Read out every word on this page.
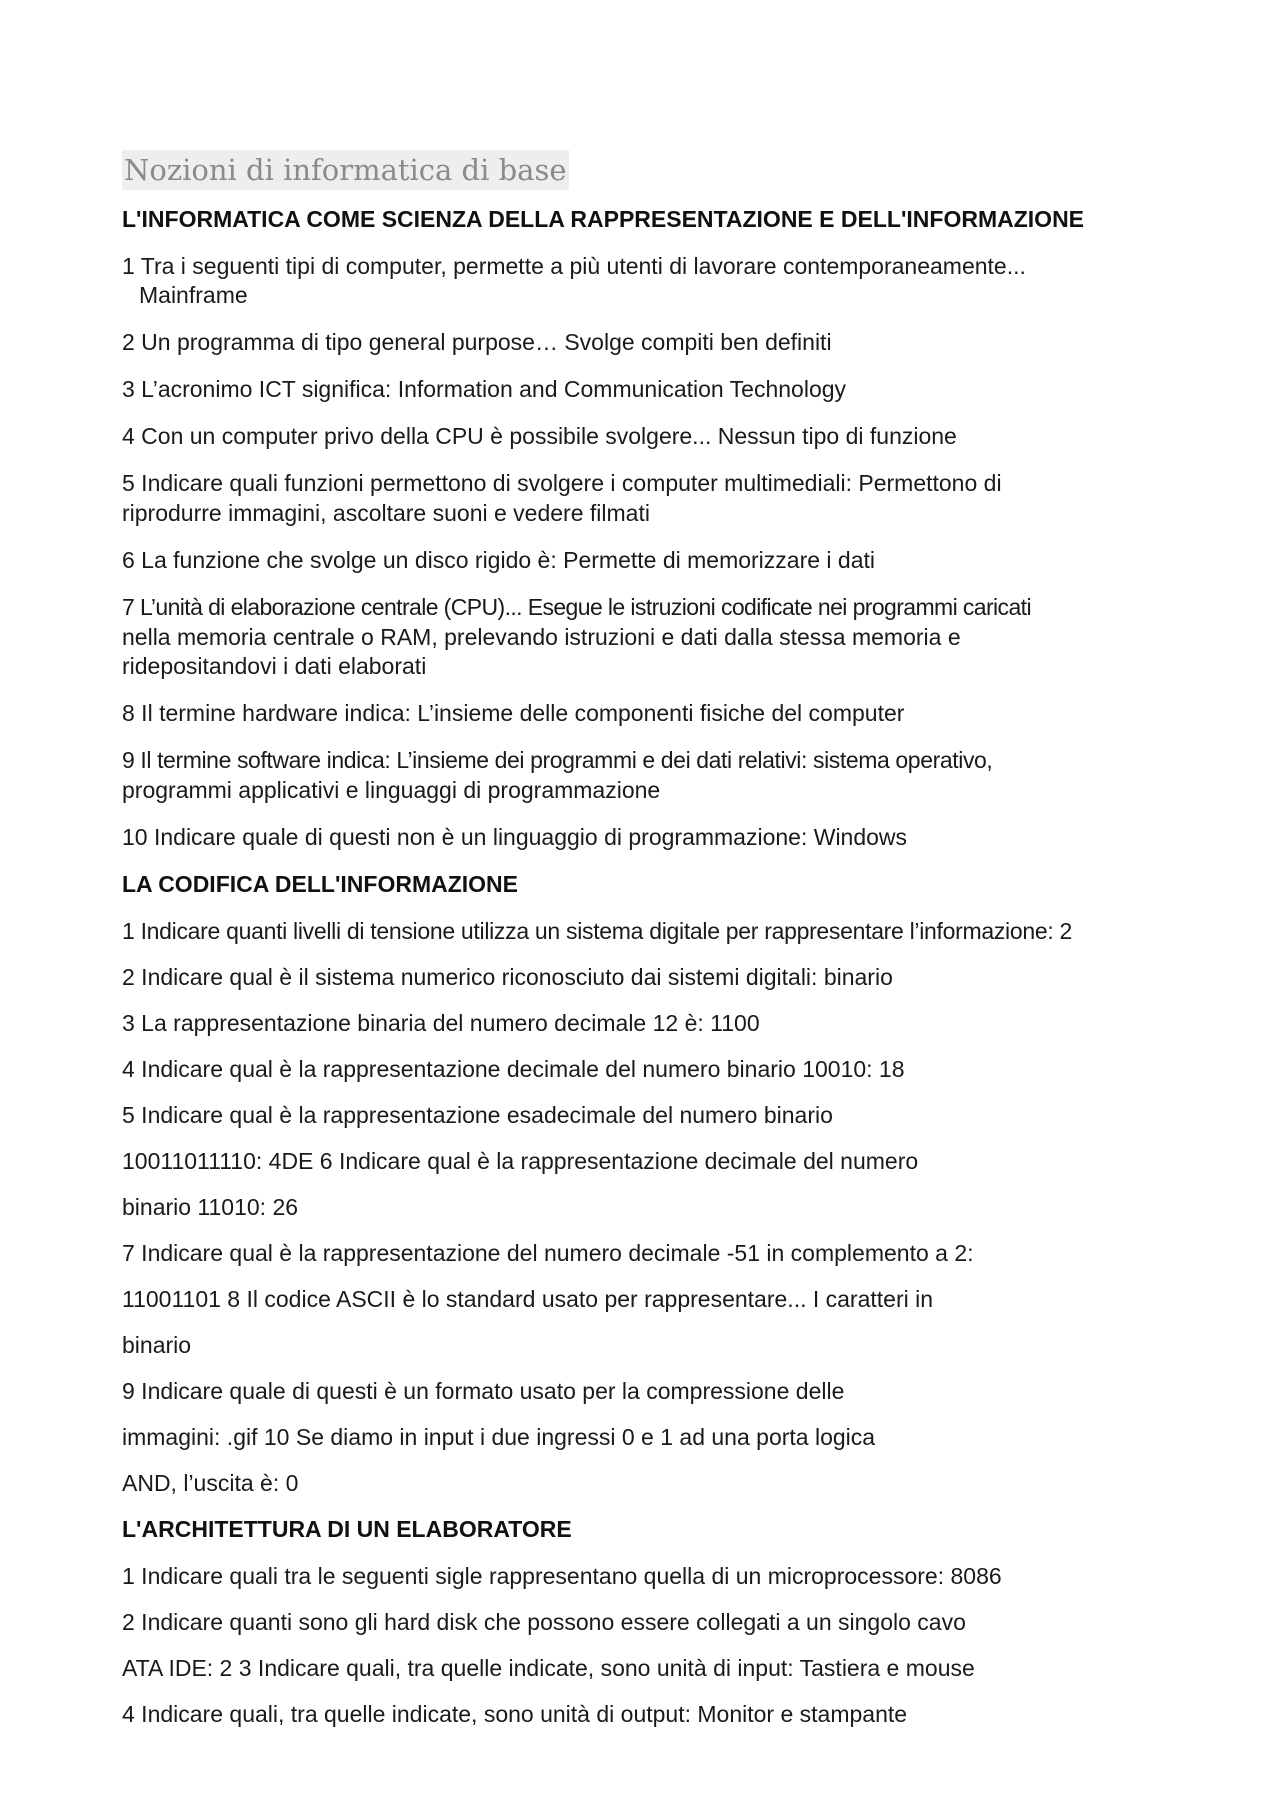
Nozioni di informatica di base

L'INFORMATICA COME SCIENZA DELLA RAPPRESENTAZIONE E DELL'INFORMAZIONE

1 Tra i seguenti tipi di computer, permette a più utenti di lavorare contemporaneamente...

Mainframe

2 Un programma di tipo general purpose… Svolge compiti ben definiti

3 L’acronimo ICT significa: Information and Communication Technology

4 Con un computer privo della CPU è possibile svolgere... Nessun tipo di funzione

5 Indicare quali funzioni permettono di svolgere i computer multimediali: Permettono di

riprodurre immagini, ascoltare suoni e vedere filmati

6 La funzione che svolge un disco rigido è: Permette di memorizzare i dati

7 L’unità di elaborazione centrale (CPU)... Esegue le istruzioni codificate nei programmi caricati

nella memoria centrale o RAM, prelevando istruzioni e dati dalla stessa memoria e

ridepositandovi i dati elaborati

8 Il termine hardware indica: L’insieme delle componenti fisiche del computer

9 Il termine software indica: L’insieme dei programmi e dei dati relativi: sistema operativo,

programmi applicativi e linguaggi di programmazione

10 Indicare quale di questi non è un linguaggio di programmazione: Windows

LA CODIFICA DELL'INFORMAZIONE

1 Indicare quanti livelli di tensione utilizza un sistema digitale per rappresentare l’informazione: 2

2 Indicare qual è il sistema numerico riconosciuto dai sistemi digitali: binario

3 La rappresentazione binaria del numero decimale 12 è: 1100

4 Indicare qual è la rappresentazione decimale del numero binario 10010: 18

5 Indicare qual è la rappresentazione esadecimale del numero binario

10011011110: 4DE 6 Indicare qual è la rappresentazione decimale del numero

binario 11010: 26

7 Indicare qual è la rappresentazione del numero decimale -51 in complemento a 2:

11001101 8 Il codice ASCII è lo standard usato per rappresentare... I caratteri in

binario

9 Indicare quale di questi è un formato usato per la compressione delle

immagini: .gif 10 Se diamo in input i due ingressi 0 e 1 ad una porta logica

AND, l’uscita è: 0

L'ARCHITETTURA DI UN ELABORATORE

1 Indicare quali tra le seguenti sigle rappresentano quella di un microprocessore: 8086

2 Indicare quanti sono gli hard disk che possono essere collegati a un singolo cavo

ATA IDE: 2 3 Indicare quali, tra quelle indicate, sono unità di input: Tastiera e mouse

4 Indicare quali, tra quelle indicate, sono unità di output: Monitor e stampante
